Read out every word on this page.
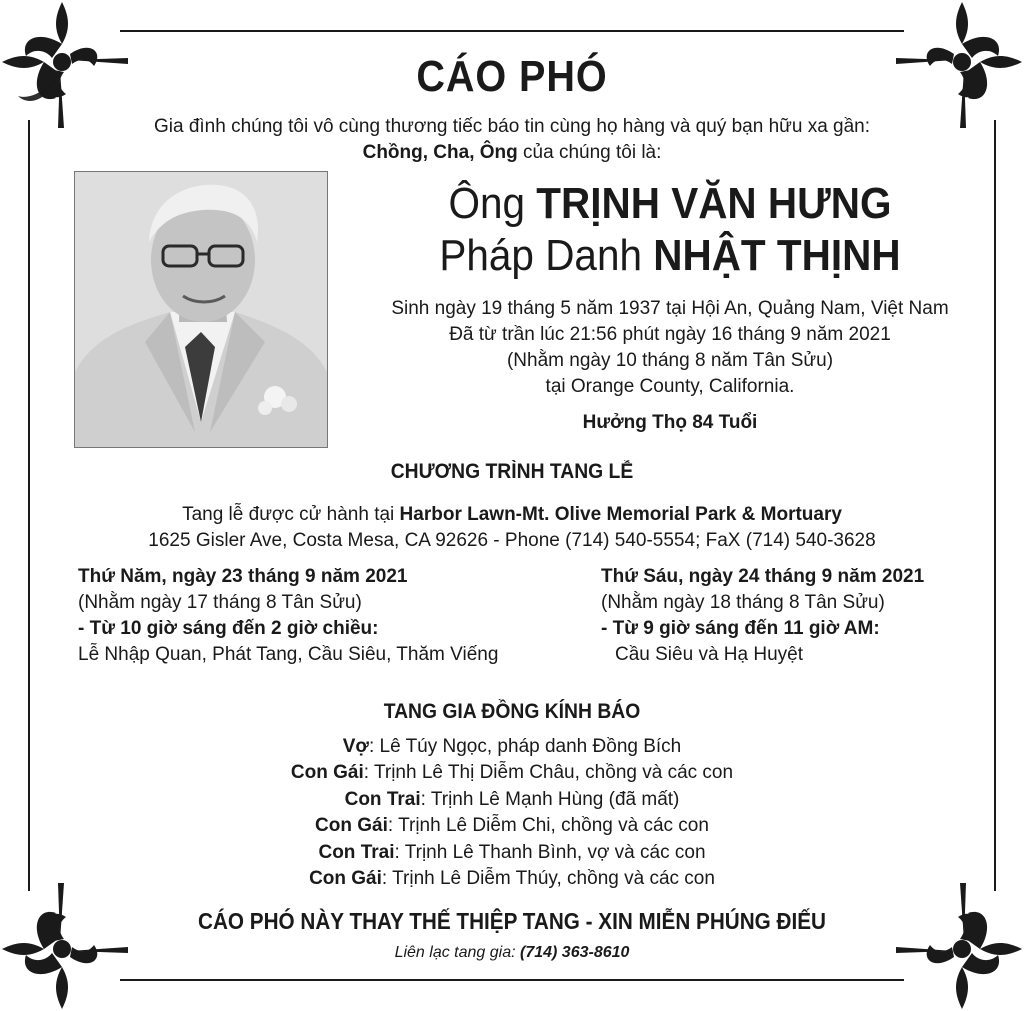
CÁO PHÓ
Gia đình chúng tôi vô cùng thương tiếc báo tin cùng họ hàng và quý bạn hữu xa gần:
Chồng, Cha, Ông của chúng tôi là:
Ông TRỊNH VĂN HƯNG
Pháp Danh NHẬT THỊNH
Sinh ngày 19 tháng 5 năm 1937 tại Hội An, Quảng Nam, Việt Nam
Đã từ trần lúc 21:56 phút ngày 16 tháng 9 năm 2021
(Nhằm ngày 10 tháng 8 năm Tân Sửu)
tại Orange County, California.
Hưởng Thọ 84 Tuổi
CHƯƠNG TRÌNH TANG LỄ
Tang lễ được cử hành tại Harbor Lawn-Mt. Olive Memorial Park & Mortuary
1625 Gisler Ave, Costa Mesa, CA 92626 - Phone (714) 540-5554; FaX (714) 540-3628
Thứ Năm, ngày 23 tháng 9 năm 2021
(Nhằm ngày 17 tháng 8 Tân Sửu)
- Từ 10 giờ sáng đến 2 giờ chiều:
Lễ Nhập Quan, Phát Tang, Cầu Siêu, Thăm Viếng
Thứ Sáu, ngày 24 tháng 9 năm 2021
(Nhằm ngày 18 tháng 8 Tân Sửu)
- Từ 9 giờ sáng đến 11 giờ AM:
Cầu Siêu và Hạ Huyệt
TANG GIA ĐỒNG KÍNH BÁO
Vợ: Lê Túy Ngọc, pháp danh Đồng Bích
Con Gái: Trịnh Lê Thị Diễm Châu, chồng và các con
Con Trai: Trịnh Lê Mạnh Hùng (đã mất)
Con Gái: Trịnh Lê Diễm Chi, chồng và các con
Con Trai: Trịnh Lê Thanh Bình, vợ và các con
Con Gái: Trịnh Lê Diễm Thúy, chồng và các con
CÁO PHÓ NÀY THAY THẾ THIỆP TANG - XIN MIỄN PHÚNG ĐIẾU
Liên lạc tang gia: (714) 363-8610
